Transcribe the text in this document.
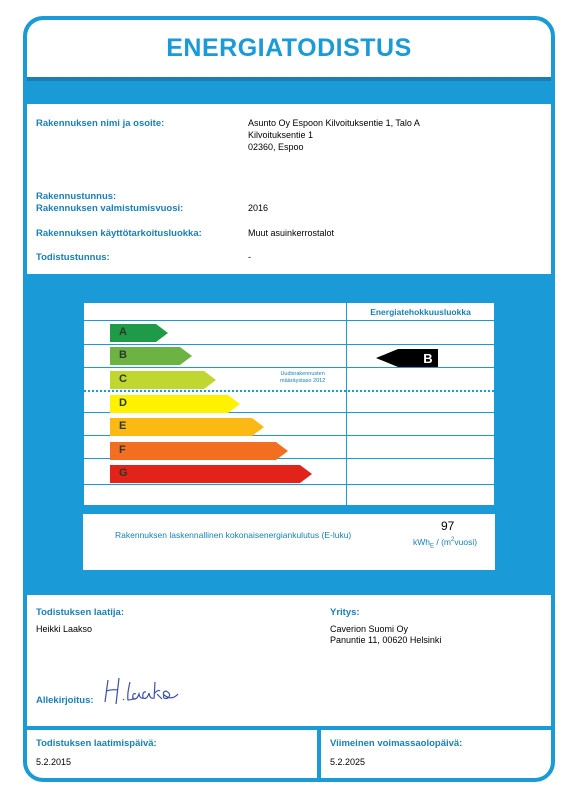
ENERGIATODISTUS
Rakennuksen nimi ja osoite:	Asunto Oy Espoon Kilvoituksentie 1, Talo A
Kilvoituksentie 1
02360, Espoo
Rakennustunnus:
Rakennuksen valmistumisvuosi:	2016
Rakennuksen käyttötarkoitusluokka:	Muut asuinkerrostalot
Todistustunnus:	-
Energiatehokkuusluokka
Uudisrakennusten
määräystaso 2012
A
B
C
D
E
F
G
B
Rakennuksen laskennallinen kokonaisenergiankulutus (E-luku)
97
$kWh_E / (m^2vuosi)$
Todistuksen laatija:
Heikki Laakso
Yritys:
Caverion Suomi Oy
Panuntie 11, 00620 Helsinki
Allekirjoitus:
Todistuksen laatimispäivä:
5.2.2015
Viimeinen voimassaolopäivä:
5.2.2025
